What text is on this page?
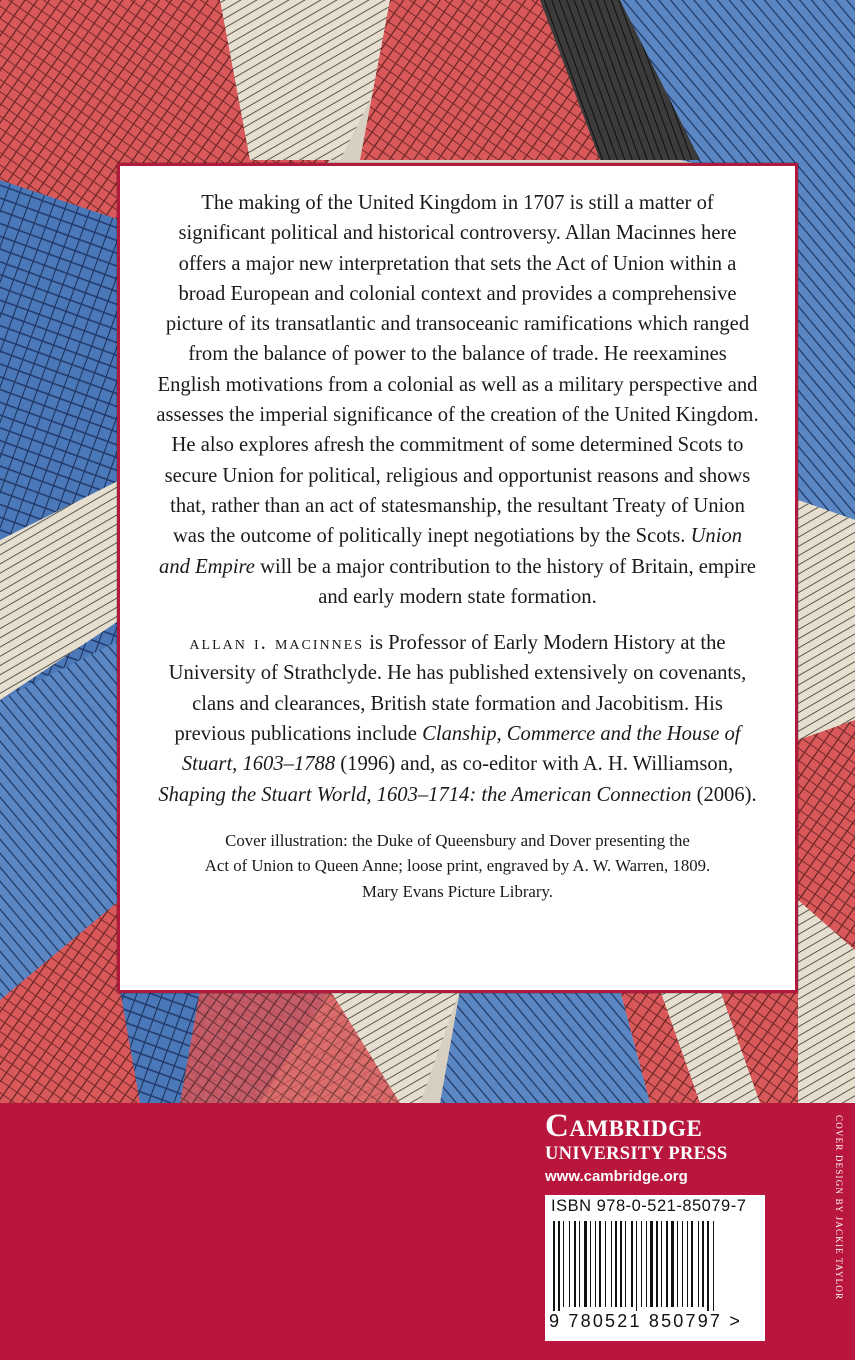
The making of the United Kingdom in 1707 is still a matter of significant political and historical controversy. Allan Macinnes here offers a major new interpretation that sets the Act of Union within a broad European and colonial context and provides a comprehensive picture of its transatlantic and transoceanic ramifications which ranged from the balance of power to the balance of trade. He reexamines English motivations from a colonial as well as a military perspective and assesses the imperial significance of the creation of the United Kingdom. He also explores afresh the commitment of some determined Scots to secure Union for political, religious and opportunist reasons and shows that, rather than an act of statesmanship, the resultant Treaty of Union was the outcome of politically inept negotiations by the Scots. Union and Empire will be a major contribution to the history of Britain, empire and early modern state formation.

allan i. macinnes is Professor of Early Modern History at the University of Strathclyde. He has published extensively on covenants, clans and clearances, British state formation and Jacobitism. His previous publications include Clanship, Commerce and the House of Stuart, 1603–1788 (1996) and, as co-editor with A. H. Williamson, Shaping the Stuart World, 1603–1714: the American Connection (2006).

Cover illustration: the Duke of Queensbury and Dover presenting the
Act of Union to Queen Anne; loose print, engraved by A. W. Warren, 1809.
Mary Evans Picture Library.

Cambridge
UNIVERSITY PRESS
www.cambridge.org
ISBN 978-0-521-85079-7
9 780521 850797 >
COVER DESIGN BY JACKIE TAYLOR
